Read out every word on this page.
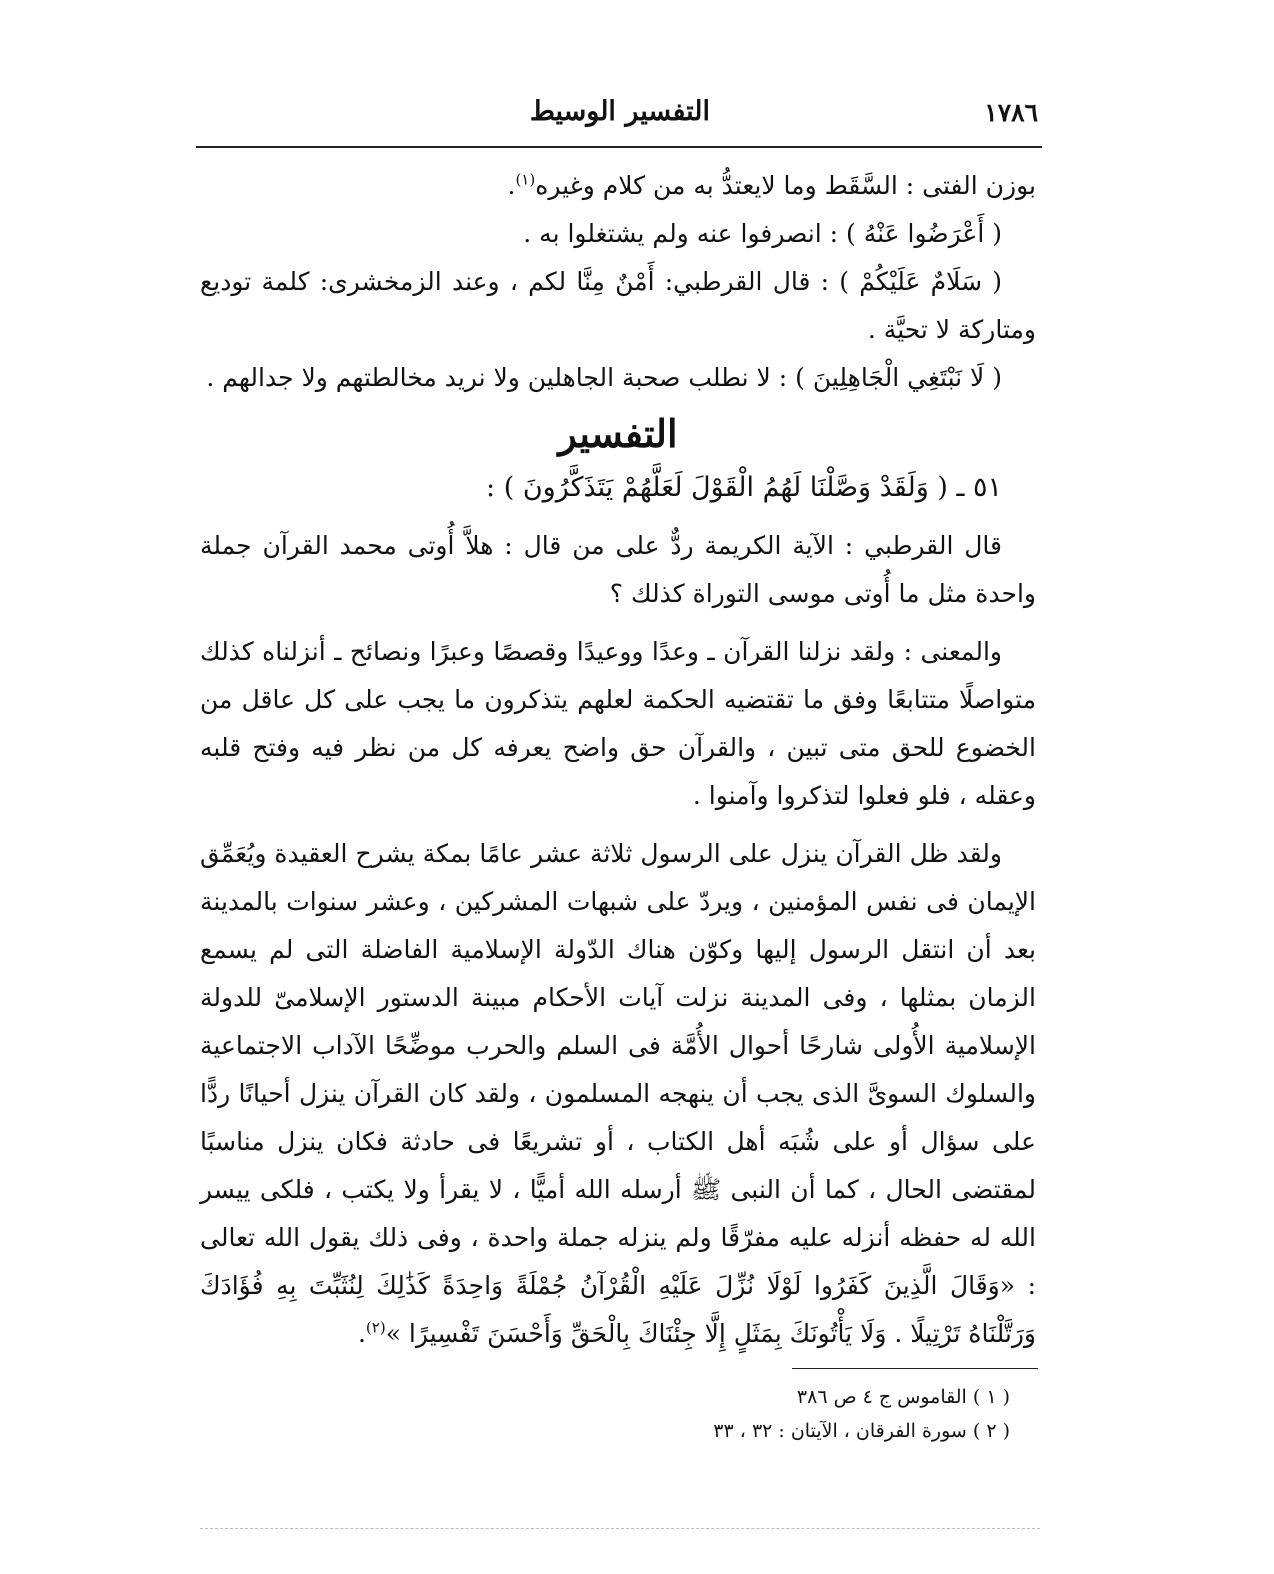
١٧٨٦
التفسير الوسيط

بوزن الفتى : السَّقَط وما لايعتدُّ به من كلام وغيره$^{(١)}$.

( أَعْرَضُوا عَنْهُ ) : انصرفوا عنه ولم يشتغلوا به .

( سَلَامٌ عَلَيْكُمْ ) : قال القرطبي: أَمْنٌ مِنَّا لكم ، وعند الزمخشرى: كلمة توديع ومتاركة لا تحيَّة .

( لَا نَبْتَغِي الْجَاهِلِينَ ) : لا نطلب صحبة الجاهلين ولا نريد مخالطتهم ولا جدالهم .

التفسير

٥١ ـ ( وَلَقَدْ وَصَّلْنَا لَهُمُ الْقَوْلَ لَعَلَّهُمْ يَتَذَكَّرُونَ ) :

قال القرطبي : الآية الكريمة ردٌّ على من قال : هلاَّ أُوتى محمد القرآن جملة واحدة مثل ما أُوتى موسى التوراة كذلك ؟

والمعنى : ولقد نزلنا القرآن ـ وعدًا ووعيدًا وقصصًا وعبرًا ونصائح ـ أنزلناه كذلك متواصلًا متتابعًا وفق ما تقتضيه الحكمة لعلهم يتذكرون ما يجب على كل عاقل من الخضوع للحق متى تبين ، والقرآن حق واضح يعرفه كل من نظر فيه وفتح قلبه وعقله ، فلو فعلوا لتذكروا وآمنوا .

ولقد ظل القرآن ينزل على الرسول ثلاثة عشر عامًا بمكة يشرح العقيدة ويُعَمِّق الإيمان فى نفس المؤمنين ، ويردّ على شبهات المشركين ، وعشر سنوات بالمدينة بعد أن انتقل الرسول إليها وكوّن هناك الدّولة الإسلامية الفاضلة التى لم يسمع الزمان بمثلها ، وفى المدينة نزلت آيات الأحكام مبينة الدستور الإسلامىّ للدولة الإسلامية الأُولى شارحًا أحوال الأُمَّة فى السلم والحرب موضِّحًا الآداب الاجتماعية والسلوك السوىَّ الذى يجب أن ينهجه المسلمون ، ولقد كان القرآن ينزل أحيانًا ردًّا على سؤال أو على شُبَه أهل الكتاب ، أو تشريعًا فى حادثة فكان ينزل مناسبًا لمقتضى الحال ، كما أن النبى ﷺ أرسله الله أميًّا ، لا يقرأ ولا يكتب ، فلكى ييسر الله له حفظه أنزله عليه مفرّقًا ولم ينزله جملة واحدة ، وفى ذلك يقول الله تعالى : «وَقَالَ الَّذِينَ كَفَرُوا لَوْلَا نُزِّلَ عَلَيْهِ الْقُرْآنُ جُمْلَةً وَاحِدَةً كَذَٰلِكَ لِنُثَبِّتَ بِهِ فُؤَادَكَ وَرَتَّلْنَاهُ تَرْتِيلًا . وَلَا يَأْتُونَكَ بِمَثَلٍ إِلَّا جِئْنَاكَ بِالْحَقِّ وَأَحْسَنَ تَفْسِيرًا »$^{(٢)}$.

( ١ ) القاموس ج ٤ ص ٣٨٦

( ٢ ) سورة الفرقان ، الآيتان : ٣٢ ، ٣٣
